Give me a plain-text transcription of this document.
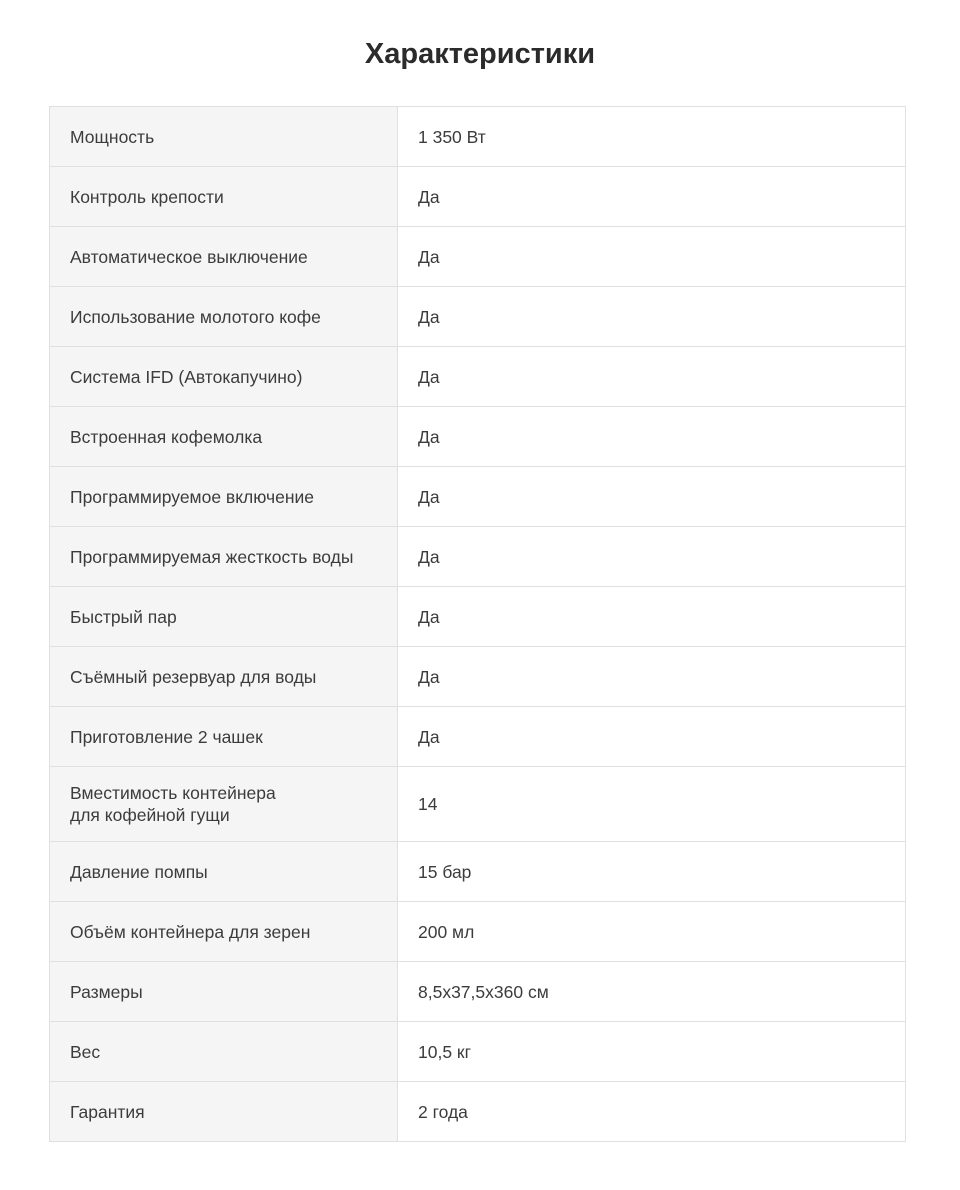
Характеристики
Мощность	1 350 Вт

Контроль крепости	Да

Автоматическое выключение	Да

Использование молотого кофе	Да

Система IFD (Автокапучино)	Да

Встроенная кофемолка	Да

Программируемое включение	Да

Программируемая жесткость воды	Да

Быстрый пар	Да

Съёмный резервуар для воды	Да

Приготовление 2 чашек	Да

Вместимость контейнера
для кофейной гущи	14

Давление помпы	15 бар

Объём контейнера для зерен	200 мл

Размеры	8,5x37,5x360 см

Вес	10,5 кг

Гарантия	2 года
